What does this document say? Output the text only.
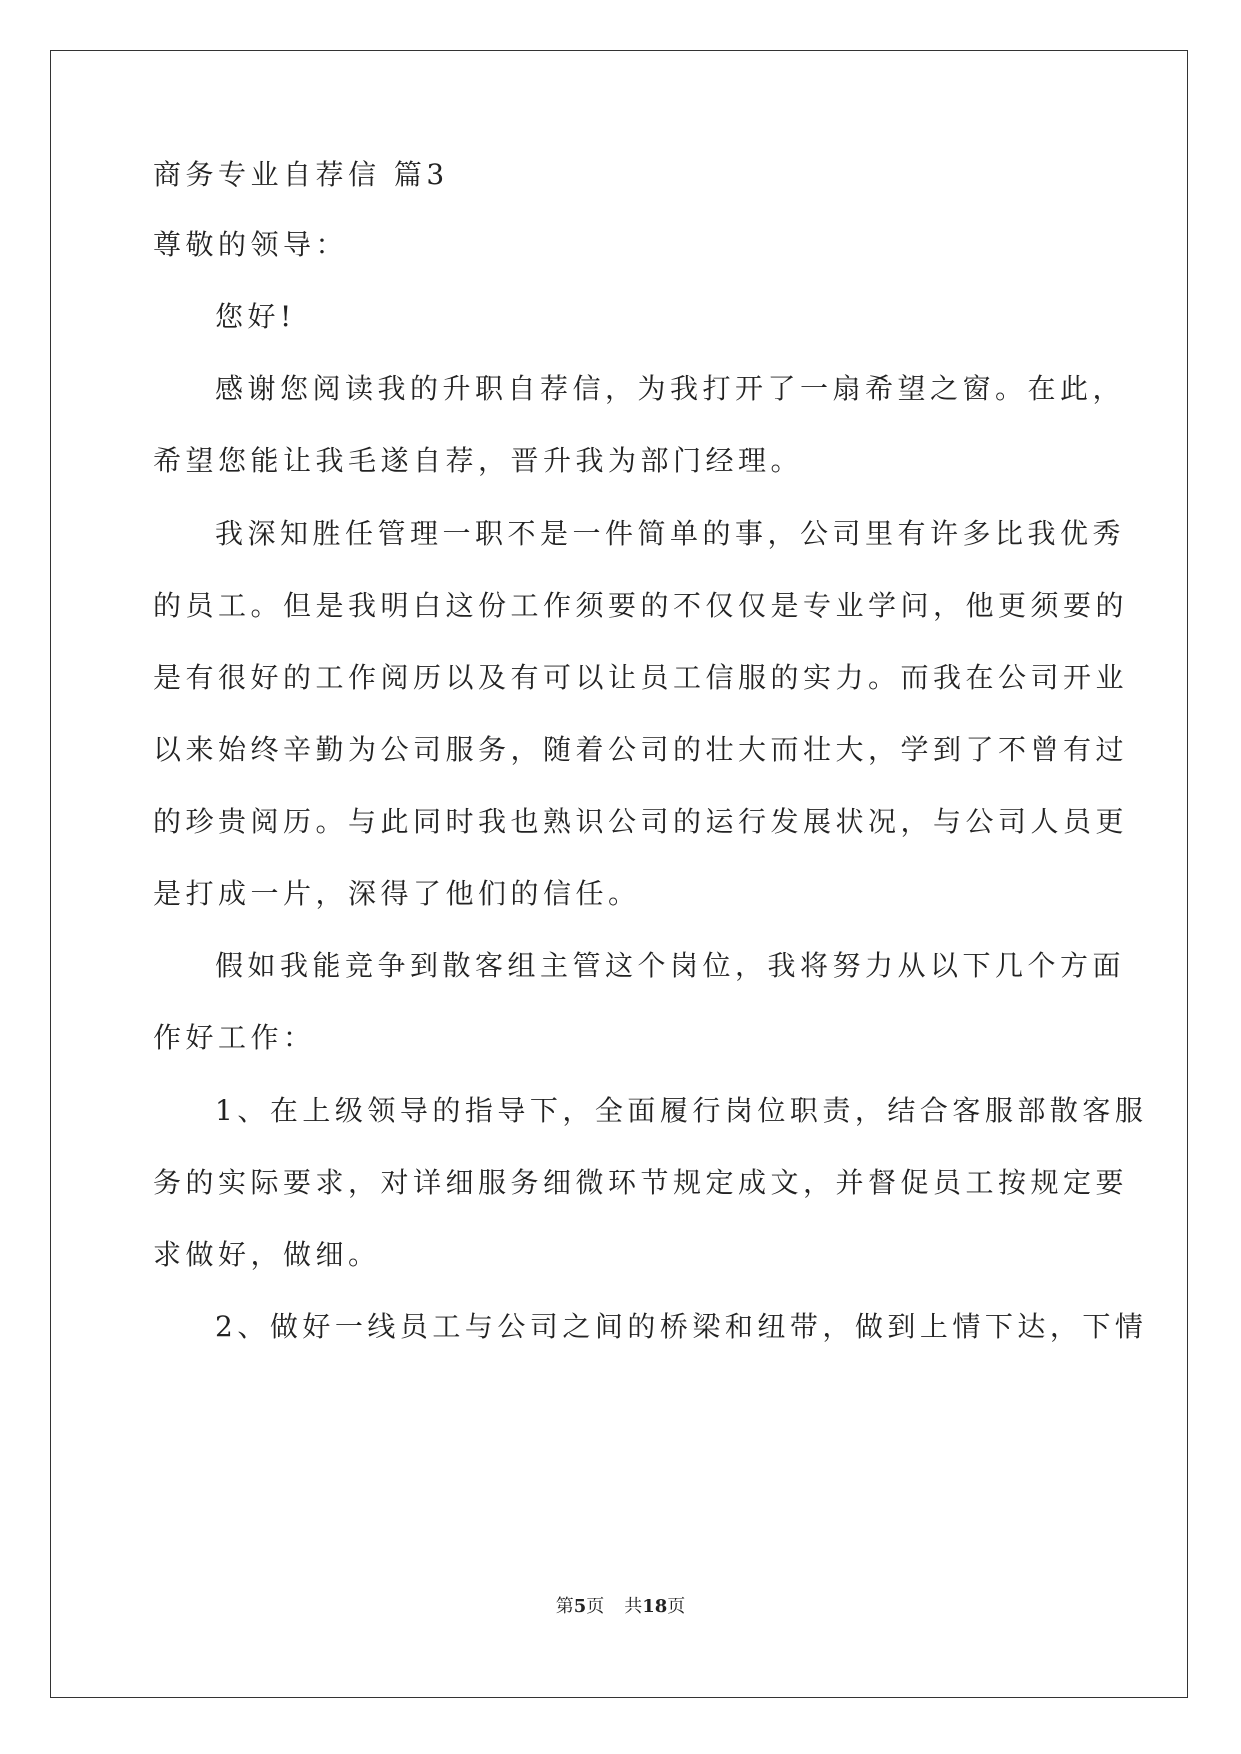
商务专业自荐信 篇3
尊敬的领导：
您好!
感谢您阅读我的升职自荐信，为我打开了一扇希望之窗。在此，
希望您能让我毛遂自荐，晋升我为部门经理。
我深知胜任管理一职不是一件简单的事，公司里有许多比我优秀
的员工。但是我明白这份工作须要的不仅仅是专业学问，他更须要的
是有很好的工作阅历以及有可以让员工信服的实力。而我在公司开业
以来始终辛勤为公司服务，随着公司的壮大而壮大，学到了不曾有过
的珍贵阅历。与此同时我也熟识公司的运行发展状况，与公司人员更
是打成一片，深得了他们的信任。
假如我能竞争到散客组主管这个岗位，我将努力从以下几个方面
作好工作：
1、在上级领导的指导下，全面履行岗位职责，结合客服部散客服
务的实际要求，对详细服务细微环节规定成文，并督促员工按规定要
求做好，做细。
2、做好一线员工与公司之间的桥梁和纽带，做到上情下达，下情
第5页 共18页
